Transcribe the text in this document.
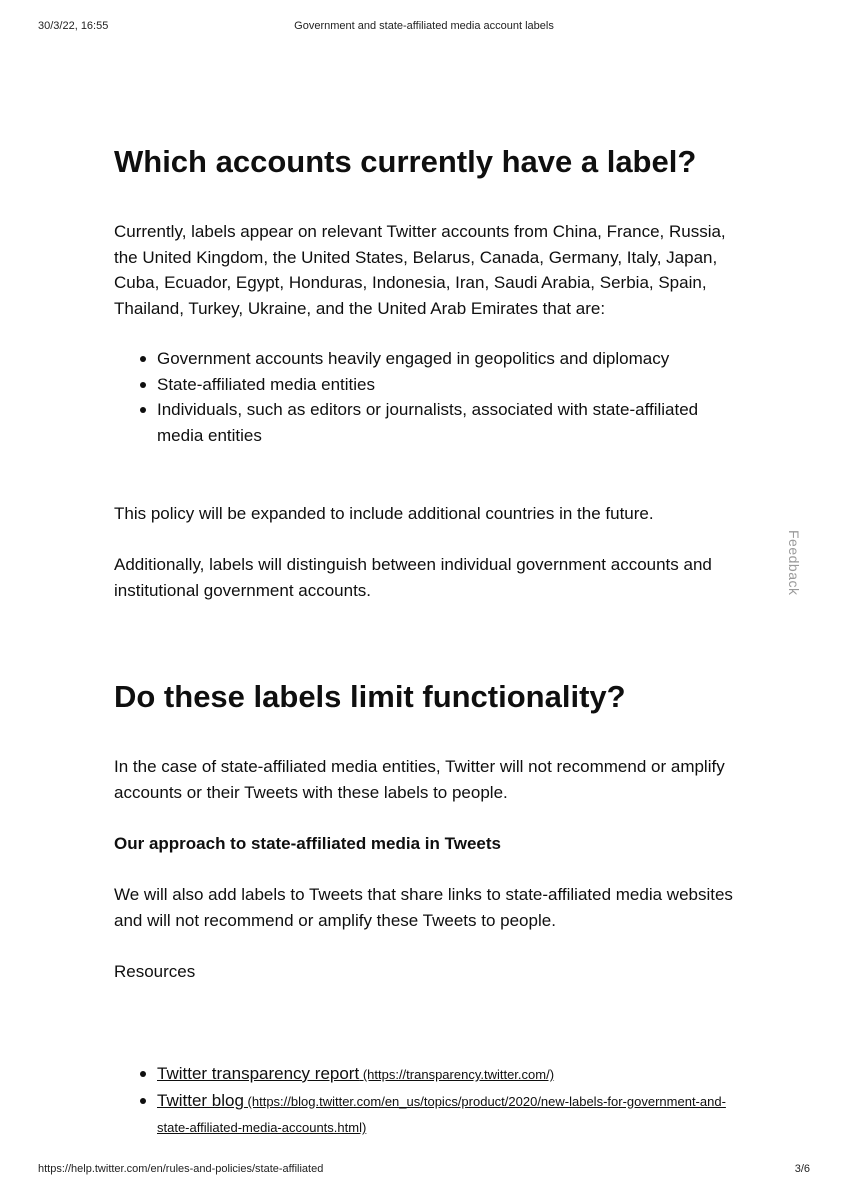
30/3/22, 16:55	Government and state-affiliated media account labels
Which accounts currently have a label?

Currently, labels appear on relevant Twitter accounts from China, France, Russia, the United Kingdom, the United States, Belarus, Canada, Germany, Italy, Japan, Cuba, Ecuador, Egypt, Honduras, Indonesia, Iran, Saudi Arabia, Serbia, Spain, Thailand, Turkey, Ukraine, and the United Arab Emirates that are:

Government accounts heavily engaged in geopolitics and diplomacy
State-affiliated media entities
Individuals, such as editors or journalists, associated with state-affiliated media entities

This policy will be expanded to include additional countries in the future.

Additionally, labels will distinguish between individual government accounts and institutional government accounts.

Do these labels limit functionality?

In the case of state-affiliated media entities, Twitter will not recommend or amplify accounts or their Tweets with these labels to people.

Our approach to state-affiliated media in Tweets

We will also add labels to Tweets that share links to state-affiliated media websites and will not recommend or amplify these Tweets to people.

Resources

Twitter transparency report (https://transparency.twitter.com/)
Twitter blog (https://blog.twitter.com/en_us/topics/product/2020/new-labels-for-government-and-state-affiliated-media-accounts.html)
Feedback
https://help.twitter.com/en/rules-and-policies/state-affiliated	3/6
